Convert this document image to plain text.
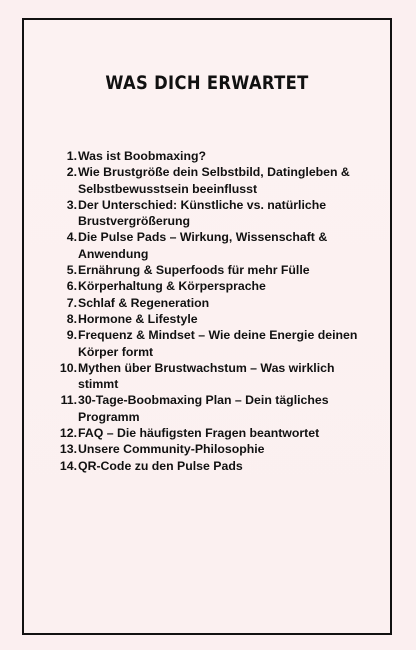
WAS DICH ERWARTET
1. Was ist Boobmaxing?
2. Wie Brustgröße dein Selbstbild, Datingleben & Selbstbewusstsein beeinflusst
3. Der Unterschied: Künstliche vs. natürliche Brustvergrößerung
4. Die Pulse Pads – Wirkung, Wissenschaft & Anwendung
5. Ernährung & Superfoods für mehr Fülle
6. Körperhaltung & Körpersprache
7. Schlaf & Regeneration
8. Hormone & Lifestyle
9. Frequenz & Mindset – Wie deine Energie deinen Körper formt
10. Mythen über Brustwachstum – Was wirklich stimmt
11. 30-Tage-Boobmaxing Plan – Dein tägliches Programm
12. FAQ – Die häufigsten Fragen beantwortet
13. Unsere Community-Philosophie
14. QR-Code zu den Pulse Pads
